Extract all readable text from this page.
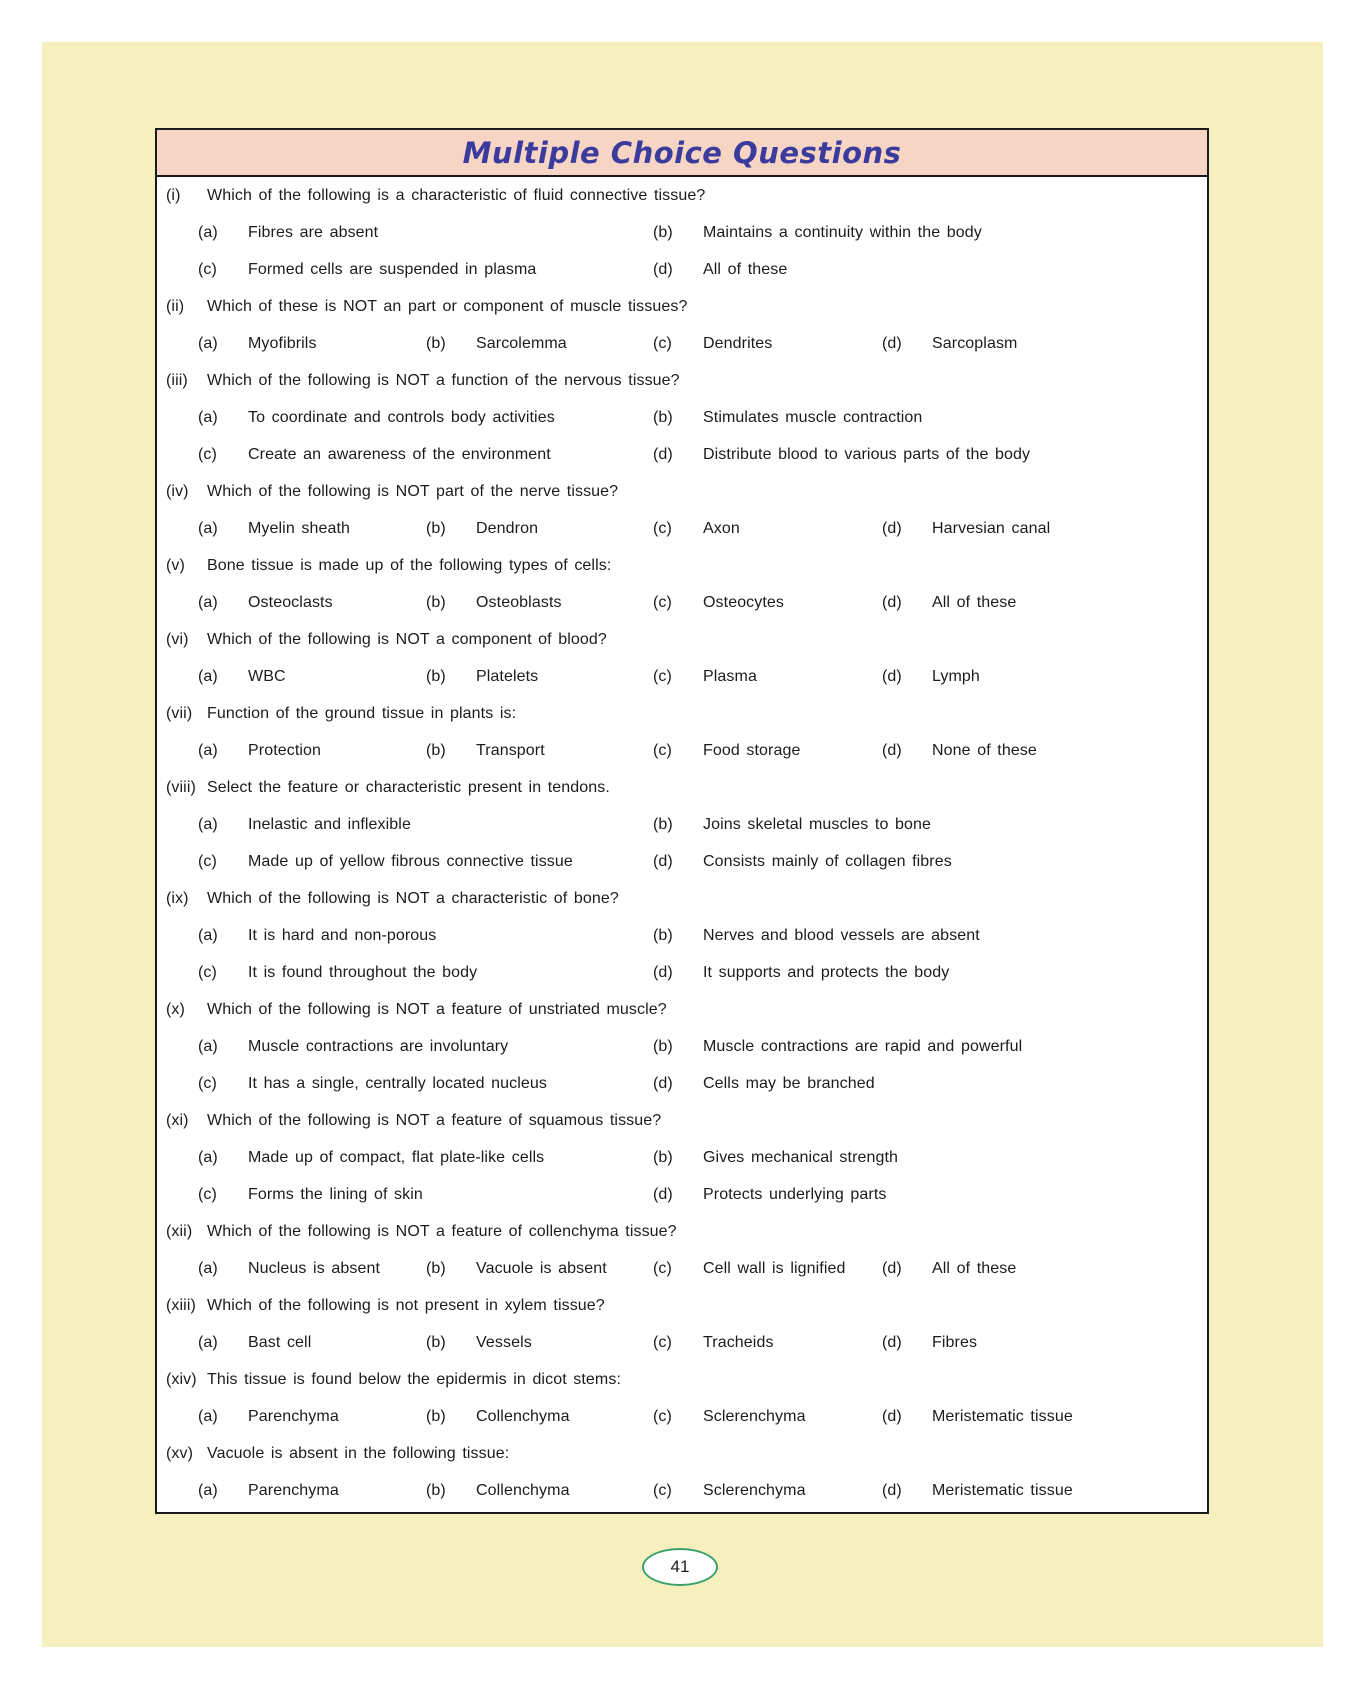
Multiple Choice Questions
(i)	Which of the following is a characteristic of fluid connective tissue?
(a)	Fibres are absent	(b)	Maintains a continuity within the body
(c)	Formed cells are suspended in plasma	(d)	All of these
(ii)	Which of these is NOT an part or component of muscle tissues?
(a)	Myofibrils	(b)	Sarcolemma	(c)	Dendrites	(d)	Sarcoplasm
(iii)	Which of the following is NOT a function of the nervous tissue?
(a)	To coordinate and controls body activities	(b)	Stimulates muscle contraction
(c)	Create an awareness of the environment	(d)	Distribute blood to various parts of the body
(iv)	Which of the following is NOT part of the nerve tissue?
(a)	Myelin sheath	(b)	Dendron	(c)	Axon	(d)	Harvesian canal
(v)	Bone tissue is made up of the following types of cells:
(a)	Osteoclasts	(b)	Osteoblasts	(c)	Osteocytes	(d)	All of these
(vi)	Which of the following is NOT a component of blood?
(a)	WBC	(b)	Platelets	(c)	Plasma	(d)	Lymph
(vii) Function of the ground tissue in plants is:
(a)	Protection	(b)	Transport	(c)	Food storage	(d)	None of these
(viii) Select the feature or characteristic present in tendons.
(a)	Inelastic and inflexible	(b)	Joins skeletal muscles to bone
(c)	Made up of yellow fibrous connective tissue	(d)	Consists mainly of collagen fibres
(ix)	Which of the following is NOT a characteristic of bone?
(a)	It is hard and non-porous	(b)	Nerves and blood vessels are absent
(c)	It is found throughout the body	(d)	It supports and protects the body
(x)	Which of the following is NOT a feature of unstriated muscle?
(a)	Muscle contractions are involuntary	(b)	Muscle contractions are rapid and powerful
(c)	It has a single, centrally located nucleus	(d)	Cells may be branched
(xi)	Which of the following is NOT a feature of squamous tissue?
(a)	Made up of compact, flat plate-like cells	(b)	Gives mechanical strength
(c)	Forms the lining of skin	(d)	Protects underlying parts
(xii) Which of the following is NOT a feature of collenchyma tissue?
(a)	Nucleus is absent	(b)	Vacuole is absent	(c)	Cell wall is lignified	(d)	All of these
(xiii) Which of the following is not present in xylem tissue?
(a)	Bast cell	(b)	Vessels	(c)	Tracheids	(d)	Fibres
(xiv) This tissue is found below the epidermis in dicot stems:
(a)	Parenchyma	(b)	Collenchyma	(c)	Sclerenchyma	(d)	Meristematic tissue
(xv) Vacuole is absent in the following tissue:
(a)	Parenchyma	(b)	Collenchyma	(c)	Sclerenchyma	(d)	Meristematic tissue
41
